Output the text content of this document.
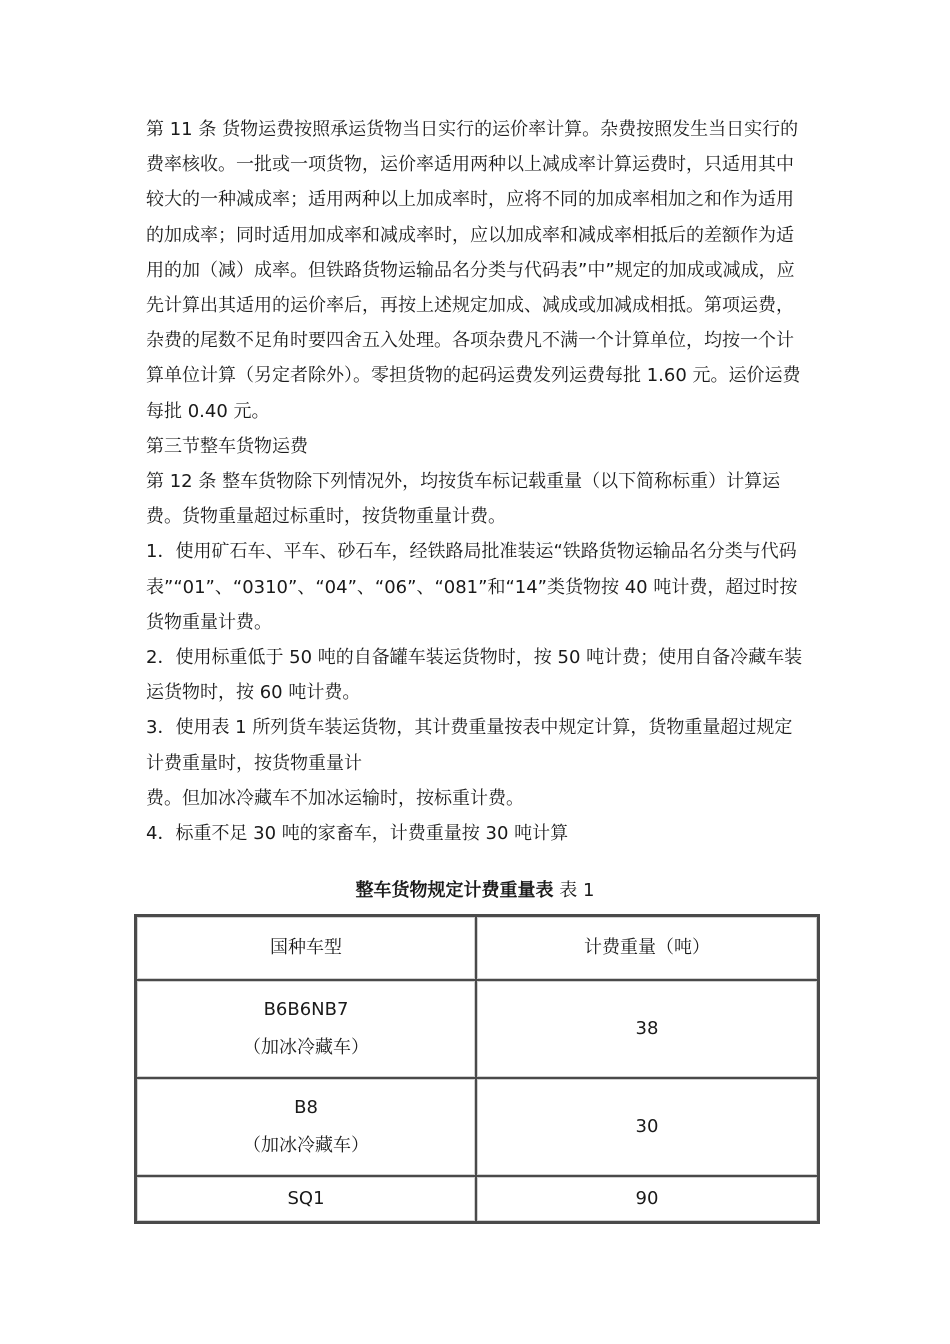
第 11 条 货物运费按照承运货物当日实行的运价率计算。杂费按照发生当日实行的费率核收。一批或一项货物，运价率适用两种以上减成率计算运费时，只适用其中较大的一种减成率；适用两种以上加成率时，应将不同的加成率相加之和作为适用的加成率；同时适用加成率和减成率时，应以加成率和减成率相抵后的差额作为适用的加（减）成率。但铁路货物运输品名分类与代码表”中”规定的加成或减成，应先计算出其适用的运价率后，再按上述规定加成、减成或加减成相抵。第项运费，杂费的尾数不足角时要四舍五入处理。各项杂费凡不满一个计算单位，均按一个计算单位计算（另定者除外）。零担货物的起码运费发列运费每批 1.60 元。运价运费每批 0.40 元。

第三节整车货物运费

第 12 条 整车货物除下列情况外，均按货车标记载重量（以下简称标重）计算运费。货物重量超过标重时，按货物重量计费。

1．使用矿石车、平车、砂石车，经铁路局批准装运“铁路货物运输品名分类与代码表”“01”、“0310”、“04”、“06”、“081”和“14”类货物按 40 吨计费，超过时按货物重量计费。

2．使用标重低于 50 吨的自备罐车装运货物时，按 50 吨计费；使用自备冷藏车装运货物时，按 60 吨计费。

3．使用表 1 所列货车装运货物，其计费重量按表中规定计算，货物重量超过规定计费重量时，按货物重量计

费。但加冰冷藏车不加冰运输时，按标重计费。

4．标重不足 30 吨的家畜车，计费重量按 30 吨计算

整车货物规定计费重量表 表 1
国种车型	计费重量（吨）

B6B6NB7
（加冰冷藏车）	38

B8
（加冰冷藏车）	30

SQ1	90
